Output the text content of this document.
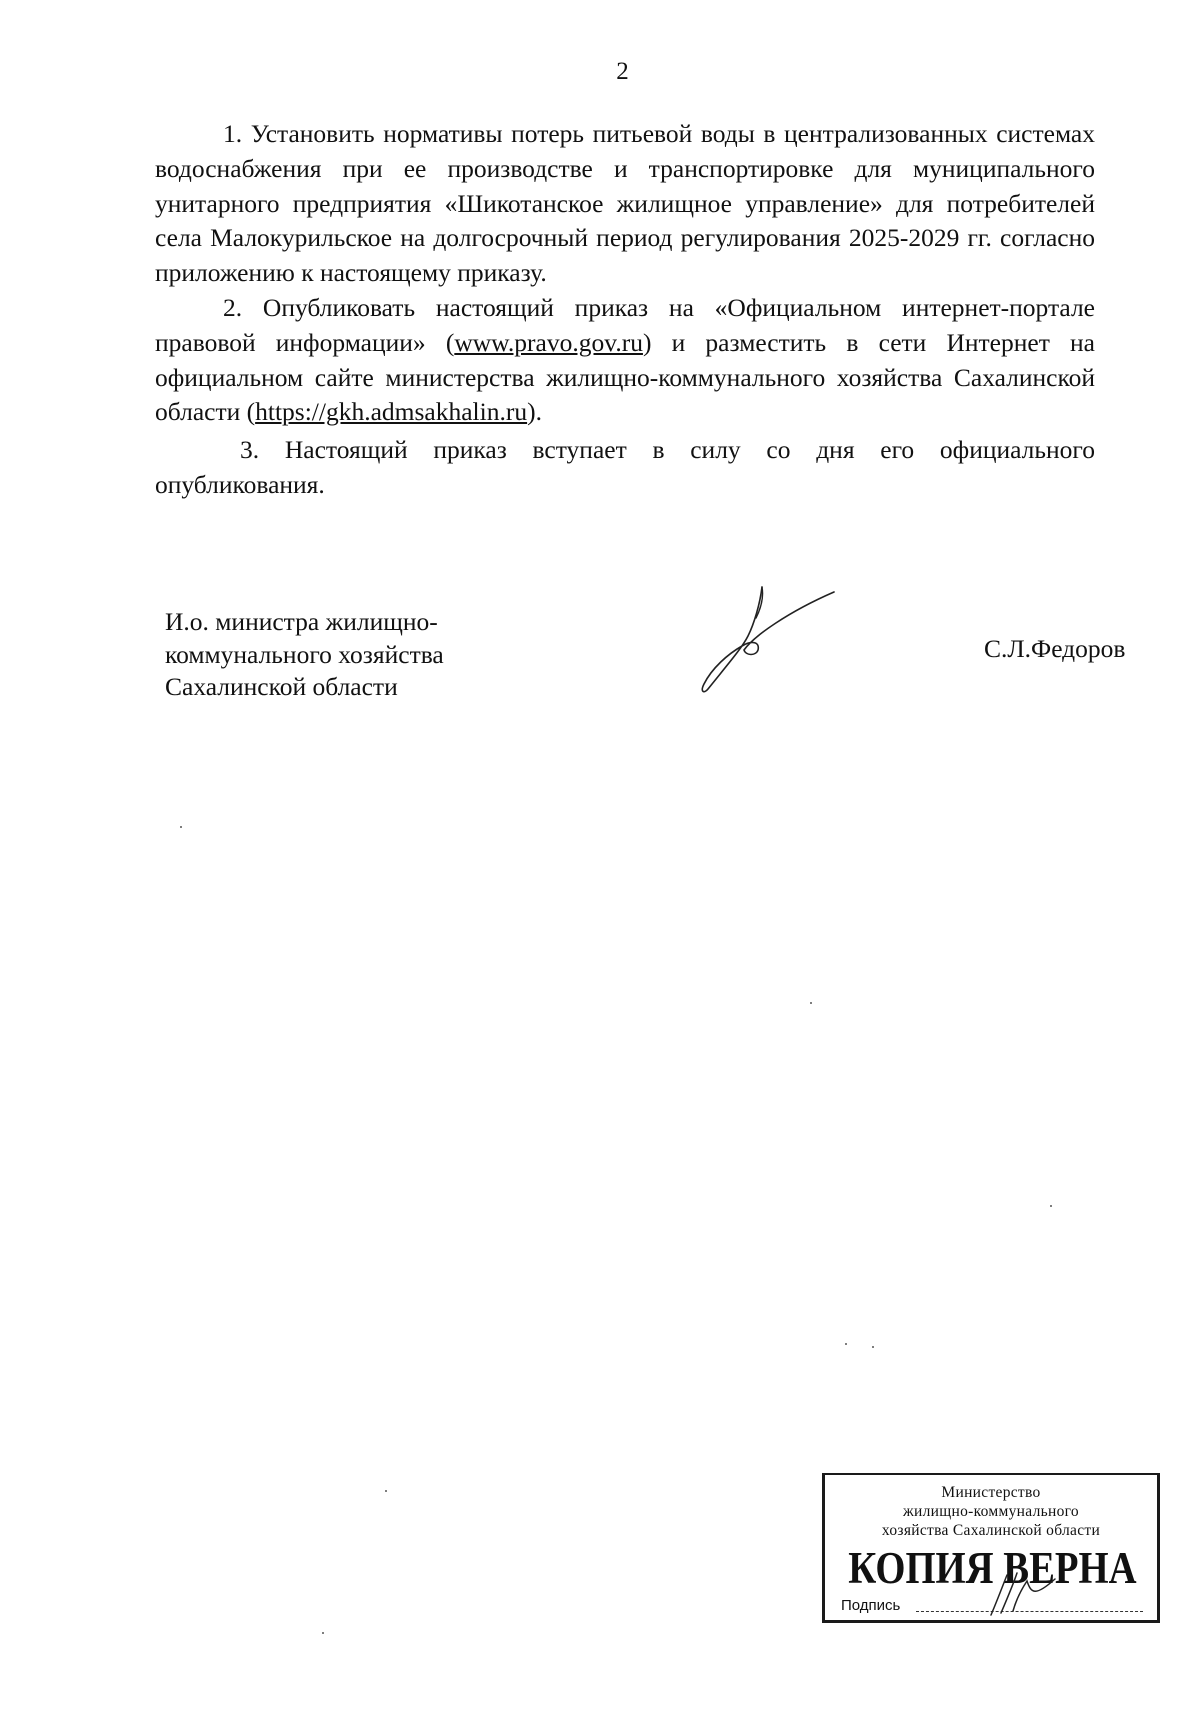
2

1. Установить нормативы потерь питьевой воды в централизованных системах водоснабжения при ее производстве и транспортировке для муниципального унитарного предприятия «Шикотанское жилищное управление» для потребителей села Малокурильское на долгосрочный период регулирования 2025-2029 гг. согласно приложению к настоящему приказу.

2. Опубликовать настоящий приказ на «Официальном интернет-портале правовой информации» (www.pravo.gov.ru) и разместить в сети Интернет на официальном сайте министерства жилищно-коммунального хозяйства Сахалинской области (https://gkh.admsakhalin.ru).

3. Настоящий приказ вступает в силу со дня его официального опубликования.

И.о. министра жилищно-
коммунального хозяйства
Сахалинской области
С.Л.Федоров
Министерство
жилищно-коммунального
хозяйства Сахалинской области
КОПИЯ ВЕРНА
Подпись
